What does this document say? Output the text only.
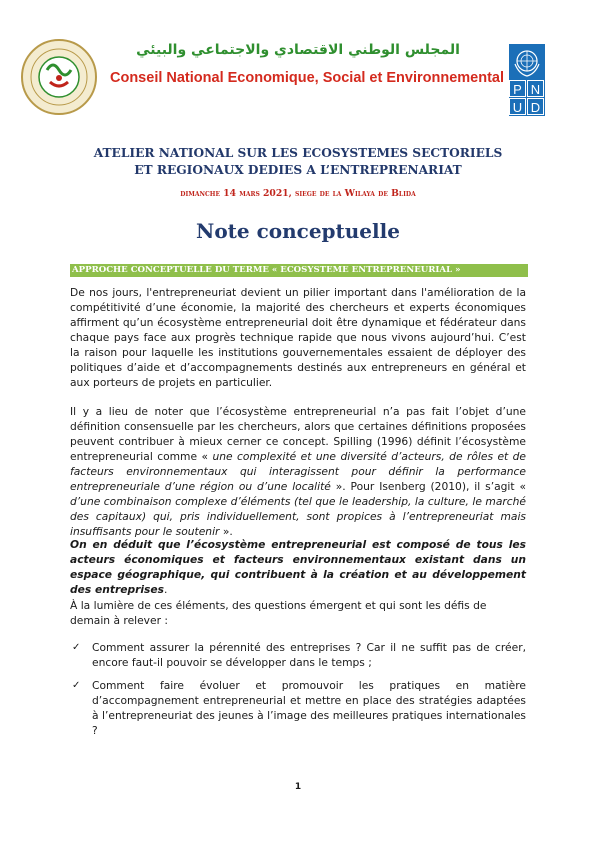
المجلس الوطني الاقتصادي والاجتماعي والبيئي
Conseil National Economique, Social et Environnemental
P N
U D
ATELIER NATIONAL SUR LES ECOSYSTEMES SECTORIELS
ET REGIONAUX DEDIES A L’ENTREPRENARIAT
dimanche 14 mars 2021, siege de la Wilaya de Blida
Note conceptuelle
APPROCHE CONCEPTUELLE DU TERME « ECOSYSTEME ENTREPRENEURIAL »
De nos jours, l'entrepreneuriat devient un pilier important dans l'amélioration de la compétitivité d’une économie, la majorité des chercheurs et experts économiques affirment qu’un écosystème entrepreneurial doit être dynamique et fédérateur dans chaque pays face aux progrès technique rapide que nous vivons aujourd’hui. C’est la raison pour laquelle les institutions gouvernementales essaient de déployer des politiques d’aide et d’accompagnements destinés aux entrepreneurs en général et aux porteurs de projets en particulier.
Il y a lieu de noter que l’écosystème entrepreneurial n’a pas fait l’objet d’une définition consensuelle par les chercheurs, alors que certaines définitions proposées peuvent contribuer à mieux cerner ce concept. Spilling (1996) définit l’écosystème entrepreneurial comme « une complexité et une diversité d’acteurs, de rôles et de facteurs environnementaux qui interagissent pour définir la performance entrepreneuriale d’une région ou d’une localité ». Pour Isenberg (2010), il s’agit « d’une combinaison complexe d’éléments (tel que le leadership, la culture, le marché des capitaux) qui, pris individuellement, sont propices à l’entrepreneuriat mais insuffisants pour le soutenir ».
On en déduit que l’écosystème entrepreneurial est composé de tous les acteurs économiques et facteurs environnementaux existant dans un espace géographique, qui contribuent à la création et au développement des entreprises.
À la lumière de ces éléments, des questions émergent et qui sont les défis de demain à relever :
✓ Comment assurer la pérennité des entreprises ? Car il ne suffit pas de créer, encore faut-il pouvoir se développer dans le temps ;
✓ Comment faire évoluer et promouvoir les pratiques en matière d’accompagnement entrepreneurial et mettre en place des stratégies adaptées à l’entrepreneuriat des jeunes à l’image des meilleures pratiques internationales ?
1
